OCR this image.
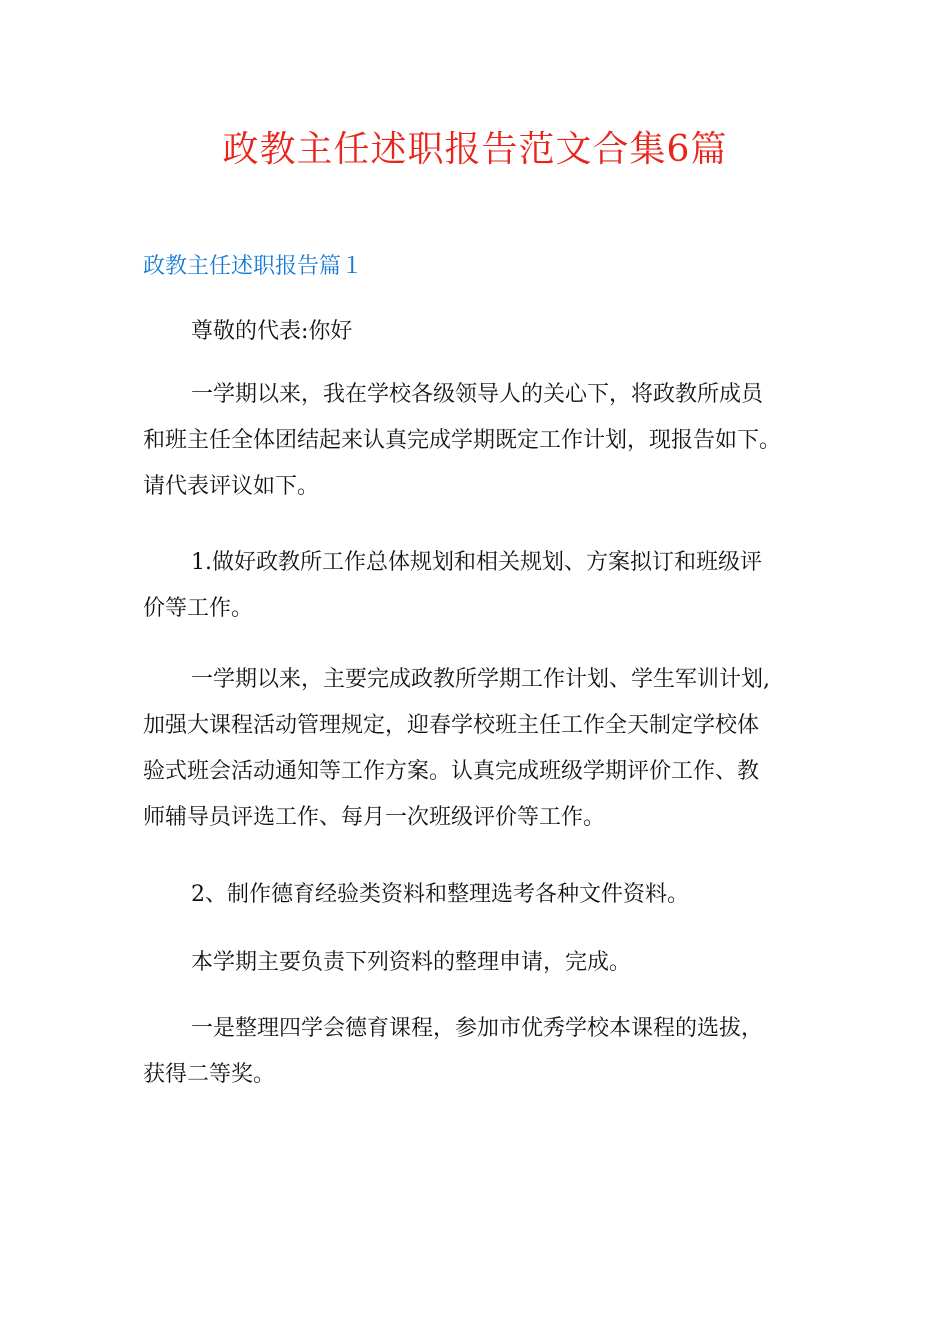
政教主任述职报告范文合集6篇
政教主任述职报告篇１

尊敬的代表:你好

一学期以来，我在学校各级领导人的关心下，将政教所成员
和班主任全体团结起来认真完成学期既定工作计划，现报告如下。
请代表评议如下。

1.做好政教所工作总体规划和相关规划、方案拟订和班级评
价等工作。

一学期以来，主要完成政教所学期工作计划、学生军训计划,
加强大课程活动管理规定，迎春学校班主任工作全天制定学校体
验式班会活动通知等工作方案。认真完成班级学期评价工作、教
师辅导员评选工作、每月一次班级评价等工作。

2、制作德育经验类资料和整理选考各种文件资料。

本学期主要负责下列资料的整理申请，完成。

一是整理四学会德育课程，参加市优秀学校本课程的选拔，
获得二等奖。
